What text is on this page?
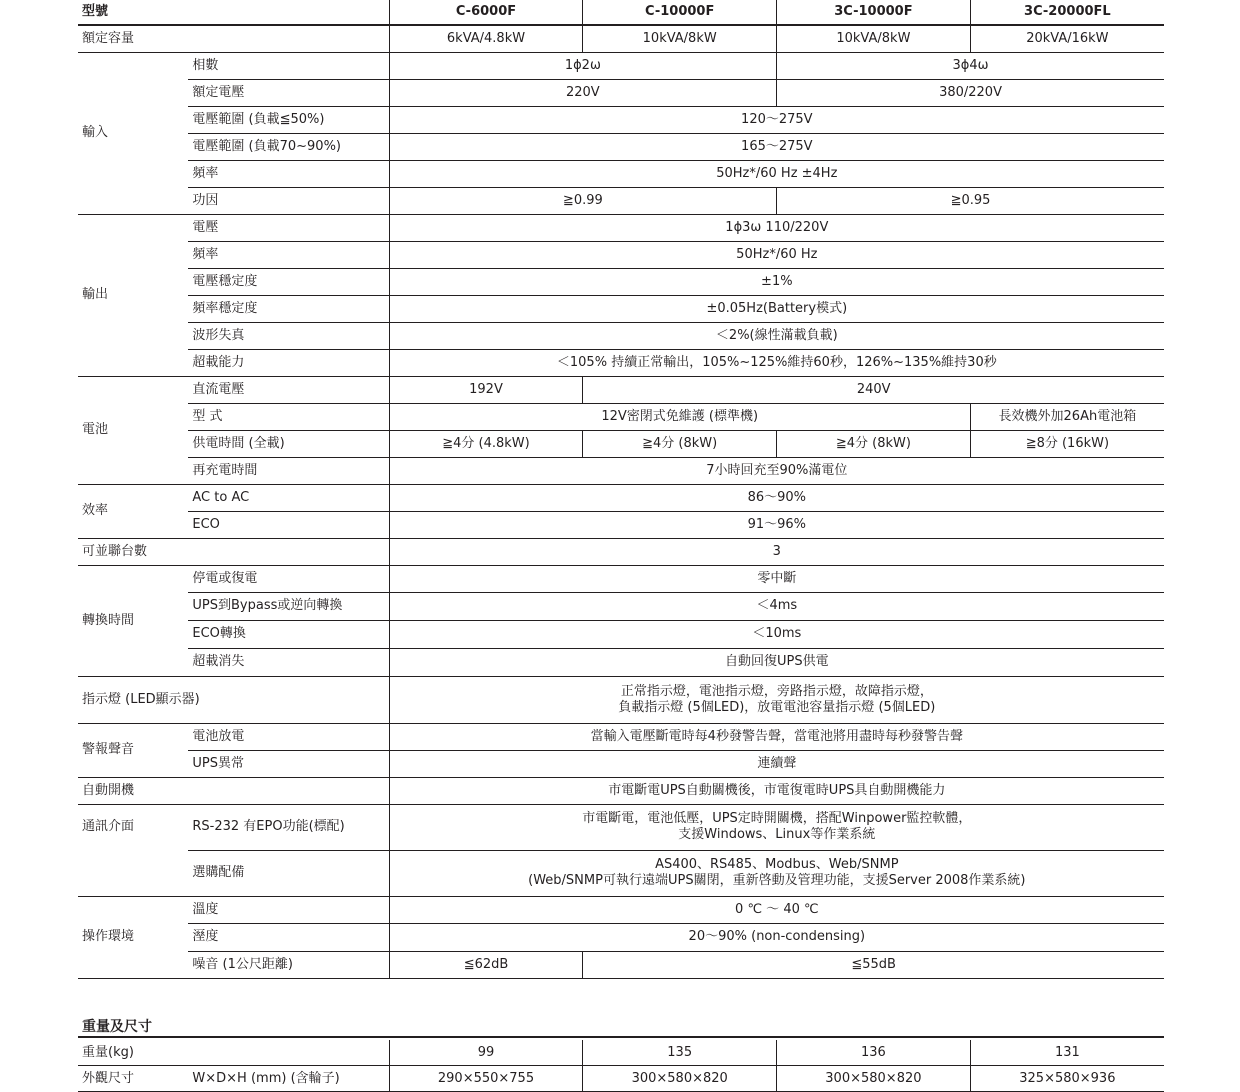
型號		C-6000F	C-10000F	3C-10000F	3C-20000FL
額定容量		6kVA/4.8kW	10kVA/8kW	10kVA/8kW	20kVA/16kW
輸入	相數	1ϕ2ω		3ϕ4ω	
	額定電壓	220V		380/220V	
	電壓範圍 (負載≦50%)	120～275V			
	電壓範圍 (負載70~90%)	165～275V			
	頻率	50Hz*/60 Hz ±4Hz			
	功因	≧0.99		≧0.95	
輸出	電壓	1ϕ3ω 110/220V			
	頻率	50Hz*/60 Hz			
	電壓穩定度	±1%			
	頻率穩定度	±0.05Hz(Battery模式)			
	波形失真	＜2%(線性滿載負載)			
	超載能力	＜105% 持續正常輸出，105%~125%維持60秒，126%~135%維持30秒			
電池	直流電壓	192V	240V		
	型 式	12V密閉式免維護 (標準機)			長效機外加26Ah電池箱
	供電時間 (全載)	≧4分 (4.8kW)	≧4分 (8kW)	≧4分 (8kW)	≧8分 (16kW)
	再充電時間	7小時回充至90%滿電位			
效率	AC to AC	86～90%			
	ECO	91～96%			
可並聯台數		3			
轉換時間	停電或復電	零中斷			
	UPS到Bypass或逆向轉換	＜4ms			
	ECO轉換	＜10ms			
	超載消失	自動回復UPS供電			
指示燈 (LED顯示器)		正常指示燈，電池指示燈，旁路指示燈，故障指示燈，
負載指示燈 (5個LED)，放電電池容量指示燈 (5個LED)			

警報聲音	電池放電	當輸入電壓斷電時每4秒發警告聲，當電池將用盡時每秒發警告聲			
	UPS異常	連續聲			
自動開機		市電斷電UPS自動關機後，市電復電時UPS具自動開機能力			
通訊介面	RS-232 有EPO功能(標配)	市電斷電，電池低壓，UPS定時開關機，搭配Winpower監控軟體，
支援Windows、Linux等作業系統			

	選購配備	AS400、RS485、Modbus、Web/SNMP
(Web/SNMP可執行遠端UPS關閉，重新啓動及管理功能，支援Server 2008作業系統)			

操作環境	溫度	0 ℃ ～ 40 ℃			
	溼度	20～90% (non-condensing)			
	噪音 (1公尺距離)	≦62dB	≦55dB		
重量及尺寸
重量(kg)		99	135	136	131
外觀尺寸	W×D×H (mm) (含輪子)	290×550×755	300×580×820	300×580×820	325×580×936
